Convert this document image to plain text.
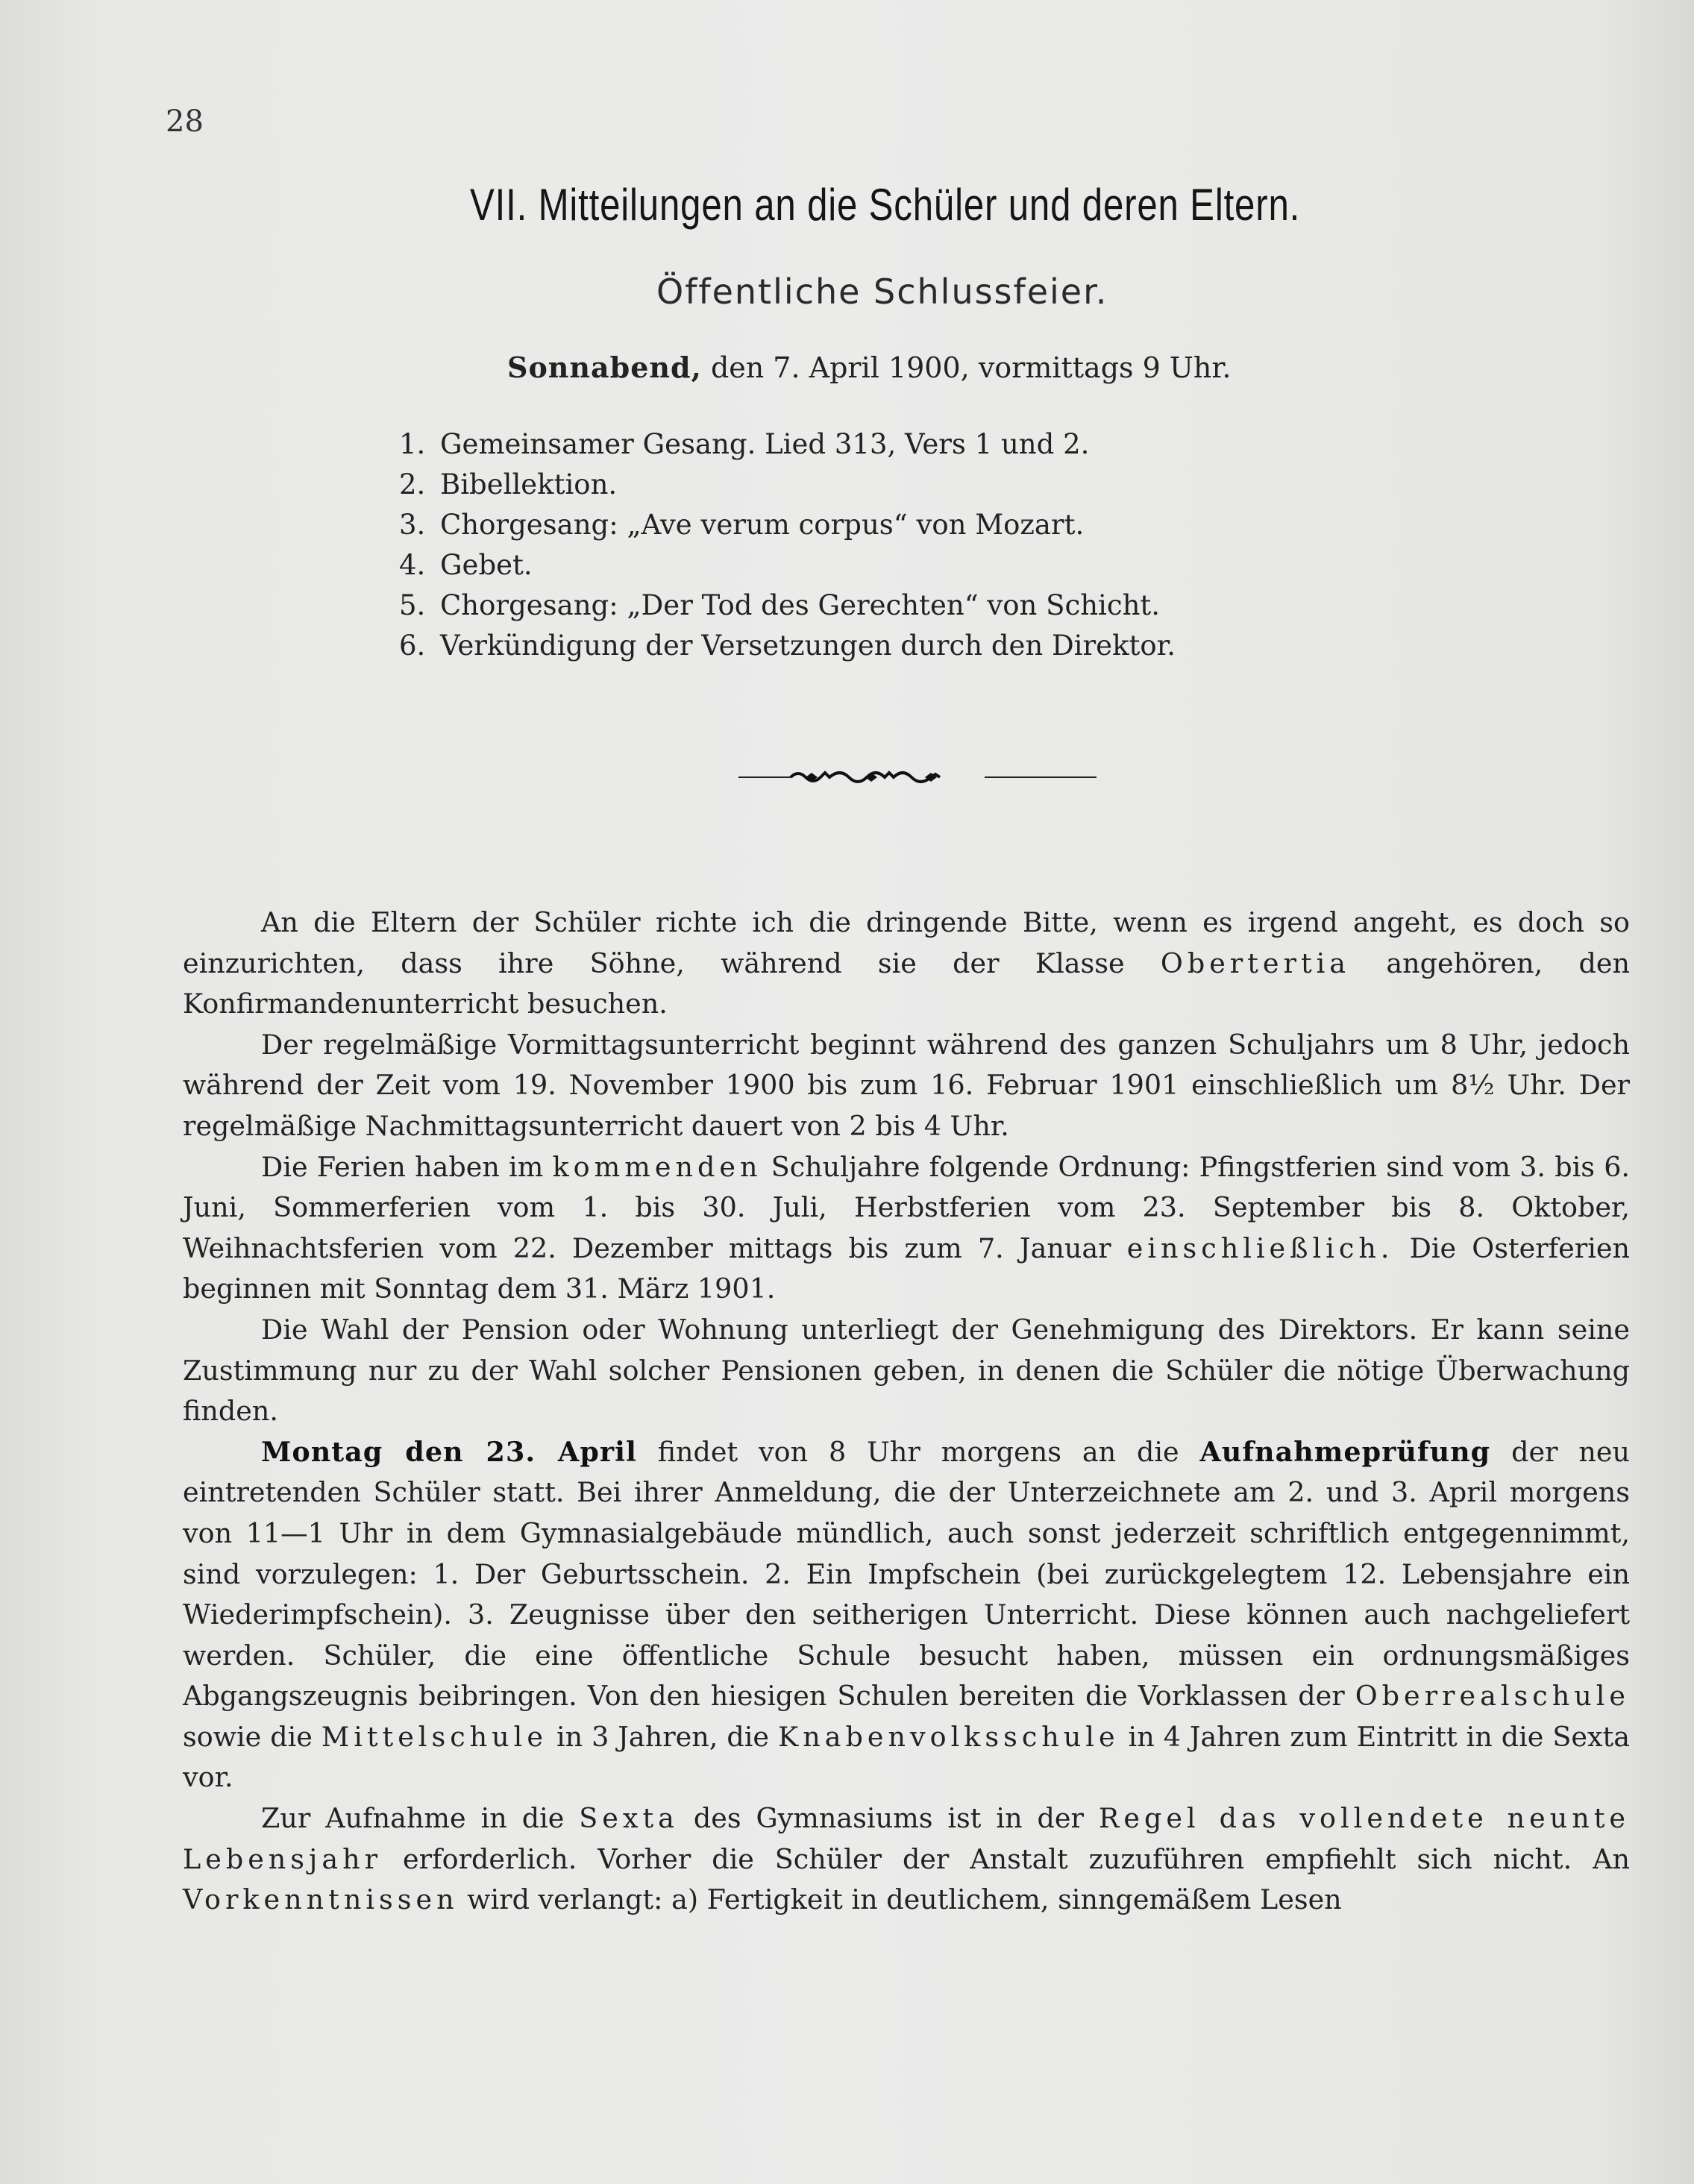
28
VII. Mitteilungen an die Schüler und deren Eltern.
Öffentliche Schlussfeier.
Sonnabend, den 7. April 1900, vormittags 9 Uhr.
1. Gemeinsamer Gesang. Lied 313, Vers 1 und 2.
2. Bibellektion.
3. Chorgesang: „Ave verum corpus“ von Mozart.
4. Gebet.
5. Chorgesang: „Der Tod des Gerechten“ von Schicht.
6. Verkündigung der Versetzungen durch den Direktor.

An die Eltern der Schüler richte ich die dringende Bitte, wenn es irgend angeht, es doch so einzurichten, dass ihre Söhne, während sie der Klasse Obertertia angehören, den Konfirmandenunterricht besuchen.

Der regelmäßige Vormittagsunterricht beginnt während des ganzen Schuljahrs um 8 Uhr, jedoch während der Zeit vom 19. November 1900 bis zum 16. Februar 1901 einschließlich um 8½ Uhr. Der regelmäßige Nachmittagsunterricht dauert von 2 bis 4 Uhr.

Die Ferien haben im kommenden Schuljahre folgende Ordnung: Pfingstferien sind vom 3. bis 6. Juni, Sommerferien vom 1. bis 30. Juli, Herbstferien vom 23. September bis 8. Oktober, Weihnachtsferien vom 22. Dezember mittags bis zum 7. Januar einschließlich. Die Osterferien beginnen mit Sonntag dem 31. März 1901.

Die Wahl der Pension oder Wohnung unterliegt der Genehmigung des Direktors. Er kann seine Zustimmung nur zu der Wahl solcher Pensionen geben, in denen die Schüler die nötige Überwachung finden.

Montag den 23. April findet von 8 Uhr morgens an die Aufnahmeprüfung der neu eintretenden Schüler statt. Bei ihrer Anmeldung, die der Unterzeichnete am 2. und 3. April morgens von 11—1 Uhr in dem Gymnasialgebäude mündlich, auch sonst jederzeit schriftlich entgegennimmt, sind vorzulegen: 1. Der Geburtsschein. 2. Ein Impfschein (bei zurückgelegtem 12. Lebensjahre ein Wiederimpfschein). 3. Zeugnisse über den seitherigen Unterricht. Diese können auch nachgeliefert werden. Schüler, die eine öffentliche Schule besucht haben, müssen ein ordnungsmäßiges Abgangszeugnis beibringen. Von den hiesigen Schulen bereiten die Vorklassen der Oberrealschule sowie die Mittelschule in 3 Jahren, die Knabenvolksschule in 4 Jahren zum Eintritt in die Sexta vor.

Zur Aufnahme in die Sexta des Gymnasiums ist in der Regel das vollendete neunte Lebensjahr erforderlich. Vorher die Schüler der Anstalt zuzuführen empfiehlt sich nicht. An Vorkenntnissen wird verlangt: a) Fertigkeit in deutlichem, sinngemäßem Lesen
